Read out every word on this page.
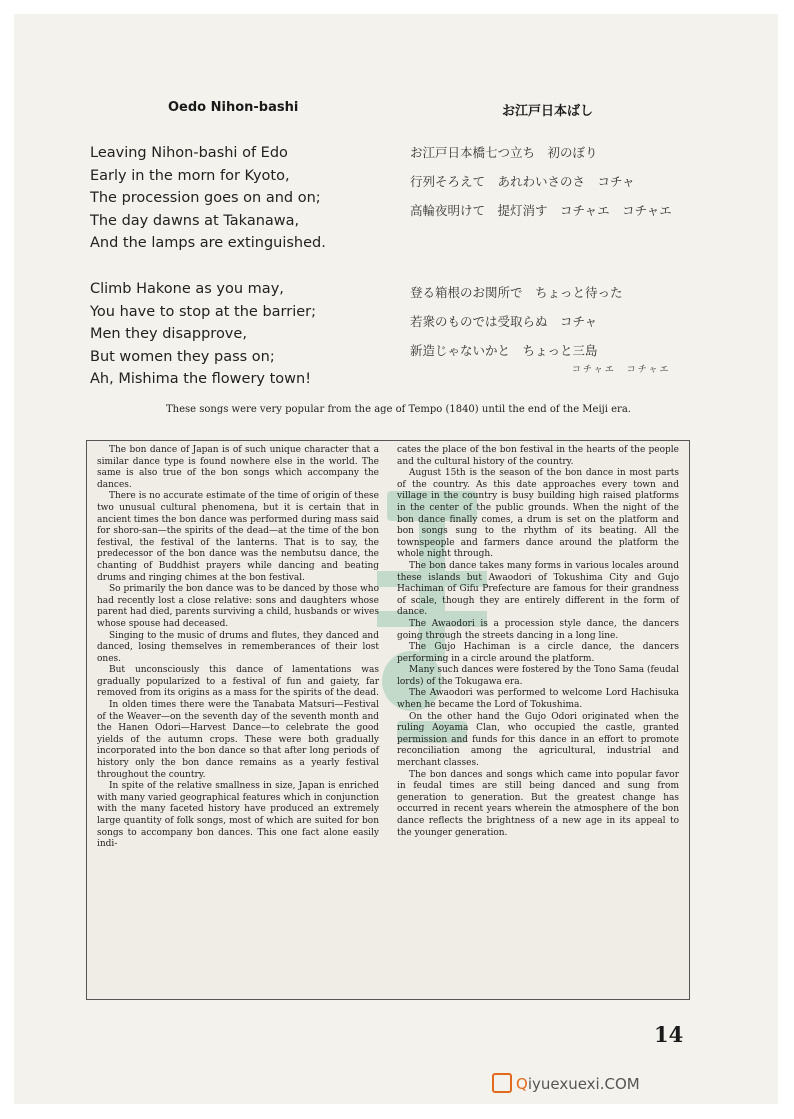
Oedo Nihon-bashi	お江戸日本ばし
Leaving Nihon-bashi of Edo
Early in the morn for Kyoto,
The procession goes on and on;
The day dawns at Takanawa,
And the lamps are extinguished.
Climb Hakone as you may,
You have to stop at the barrier;
Men they disapprove,
But women they pass on;
Ah, Mishima the flowery town!
お江戸日本橋七つ立ち　初のぼり
行列そろえて　あれわいさのさ　コチャ
高輪夜明けて　提灯消す　コチャエ　コチャエ
登る箱根のお関所で　ちょっと待った
若衆のものでは受取らぬ　コチャ
新造じゃないかと　ちょっと三島
コチャエ　コチャエ
These songs were very popular from the age of Tempo (1840) until the end of the Meiji era.

The bon dance of Japan is of such unique character that a similar dance type is found nowhere else in the world. The same is also true of the bon songs which accompany the dances.

There is no accurate estimate of the time of origin of these two unusual cultural phenomena, but it is certain that in ancient times the bon dance was performed during mass said for shoro-san—the spirits of the dead—at the time of the bon festival, the festival of the lanterns. That is to say, the predecessor of the bon dance was the nembutsu dance, the chanting of Buddhist prayers while dancing and beating drums and ringing chimes at the bon festival.

So primarily the bon dance was to be danced by those who had recently lost a close relative: sons and daughters whose parent had died, parents surviving a child, husbands or wives whose spouse had deceased.

Singing to the music of drums and flutes, they danced and danced, losing themselves in rememberances of their lost ones.

But unconsciously this dance of lamentations was gradually popularized to a festival of fun and gaiety, far removed from its origins as a mass for the spirits of the dead.

In olden times there were the Tanabata Matsuri—Festival of the Weaver—on the seventh day of the seventh month and the Hanen Odori—Harvest Dance—to celebrate the good yields of the autumn crops. These were both gradually incorporated into the bon dance so that after long periods of history only the bon dance remains as a yearly festival throughout the country.

In spite of the relative smallness in size, Japan is enriched with many varied geographical features which in conjunction with the many faceted history have produced an extremely large quantity of folk songs, most of which are suited for bon songs to accompany bon dances. This one fact alone easily indi-

cates the place of the bon festival in the hearts of the people and the cultural history of the country.

August 15th is the season of the bon dance in most parts of the country. As this date approaches every town and village in the country is busy building high raised platforms in the center of the public grounds. When the night of the bon dance finally comes, a drum is set on the platform and bon songs sung to the rhythm of its beating. All the townspeople and farmers dance around the platform the whole night through.

The bon dance takes many forms in various locales around these islands but Awaodori of Tokushima City and Gujo Hachiman of Gifu Prefecture are famous for their grandness of scale, though they are entirely different in the form of dance.

The Awaodori is a procession style dance, the dancers going through the streets dancing in a long line.

The Gujo Hachiman is a circle dance, the dancers performing in a circle around the platform.

Many such dances were fostered by the Tono Sama (feudal lords) of the Tokugawa era.

The Awaodori was performed to welcome Lord Hachisuka when he became the Lord of Tokushima.

On the other hand the Gujo Odori originated when the ruling Aoyama Clan, who occupied the castle, granted permission and funds for this dance in an effort to promote reconciliation among the agricultural, industrial and merchant classes.

The bon dances and songs which came into popular favor in feudal times are still being danced and sung from generation to generation. But the greatest change has occurred in recent years wherein the atmosphere of the bon dance reflects the brightness of a new age in its appeal to the younger generation.

14
Qiyuexuexi.COM
